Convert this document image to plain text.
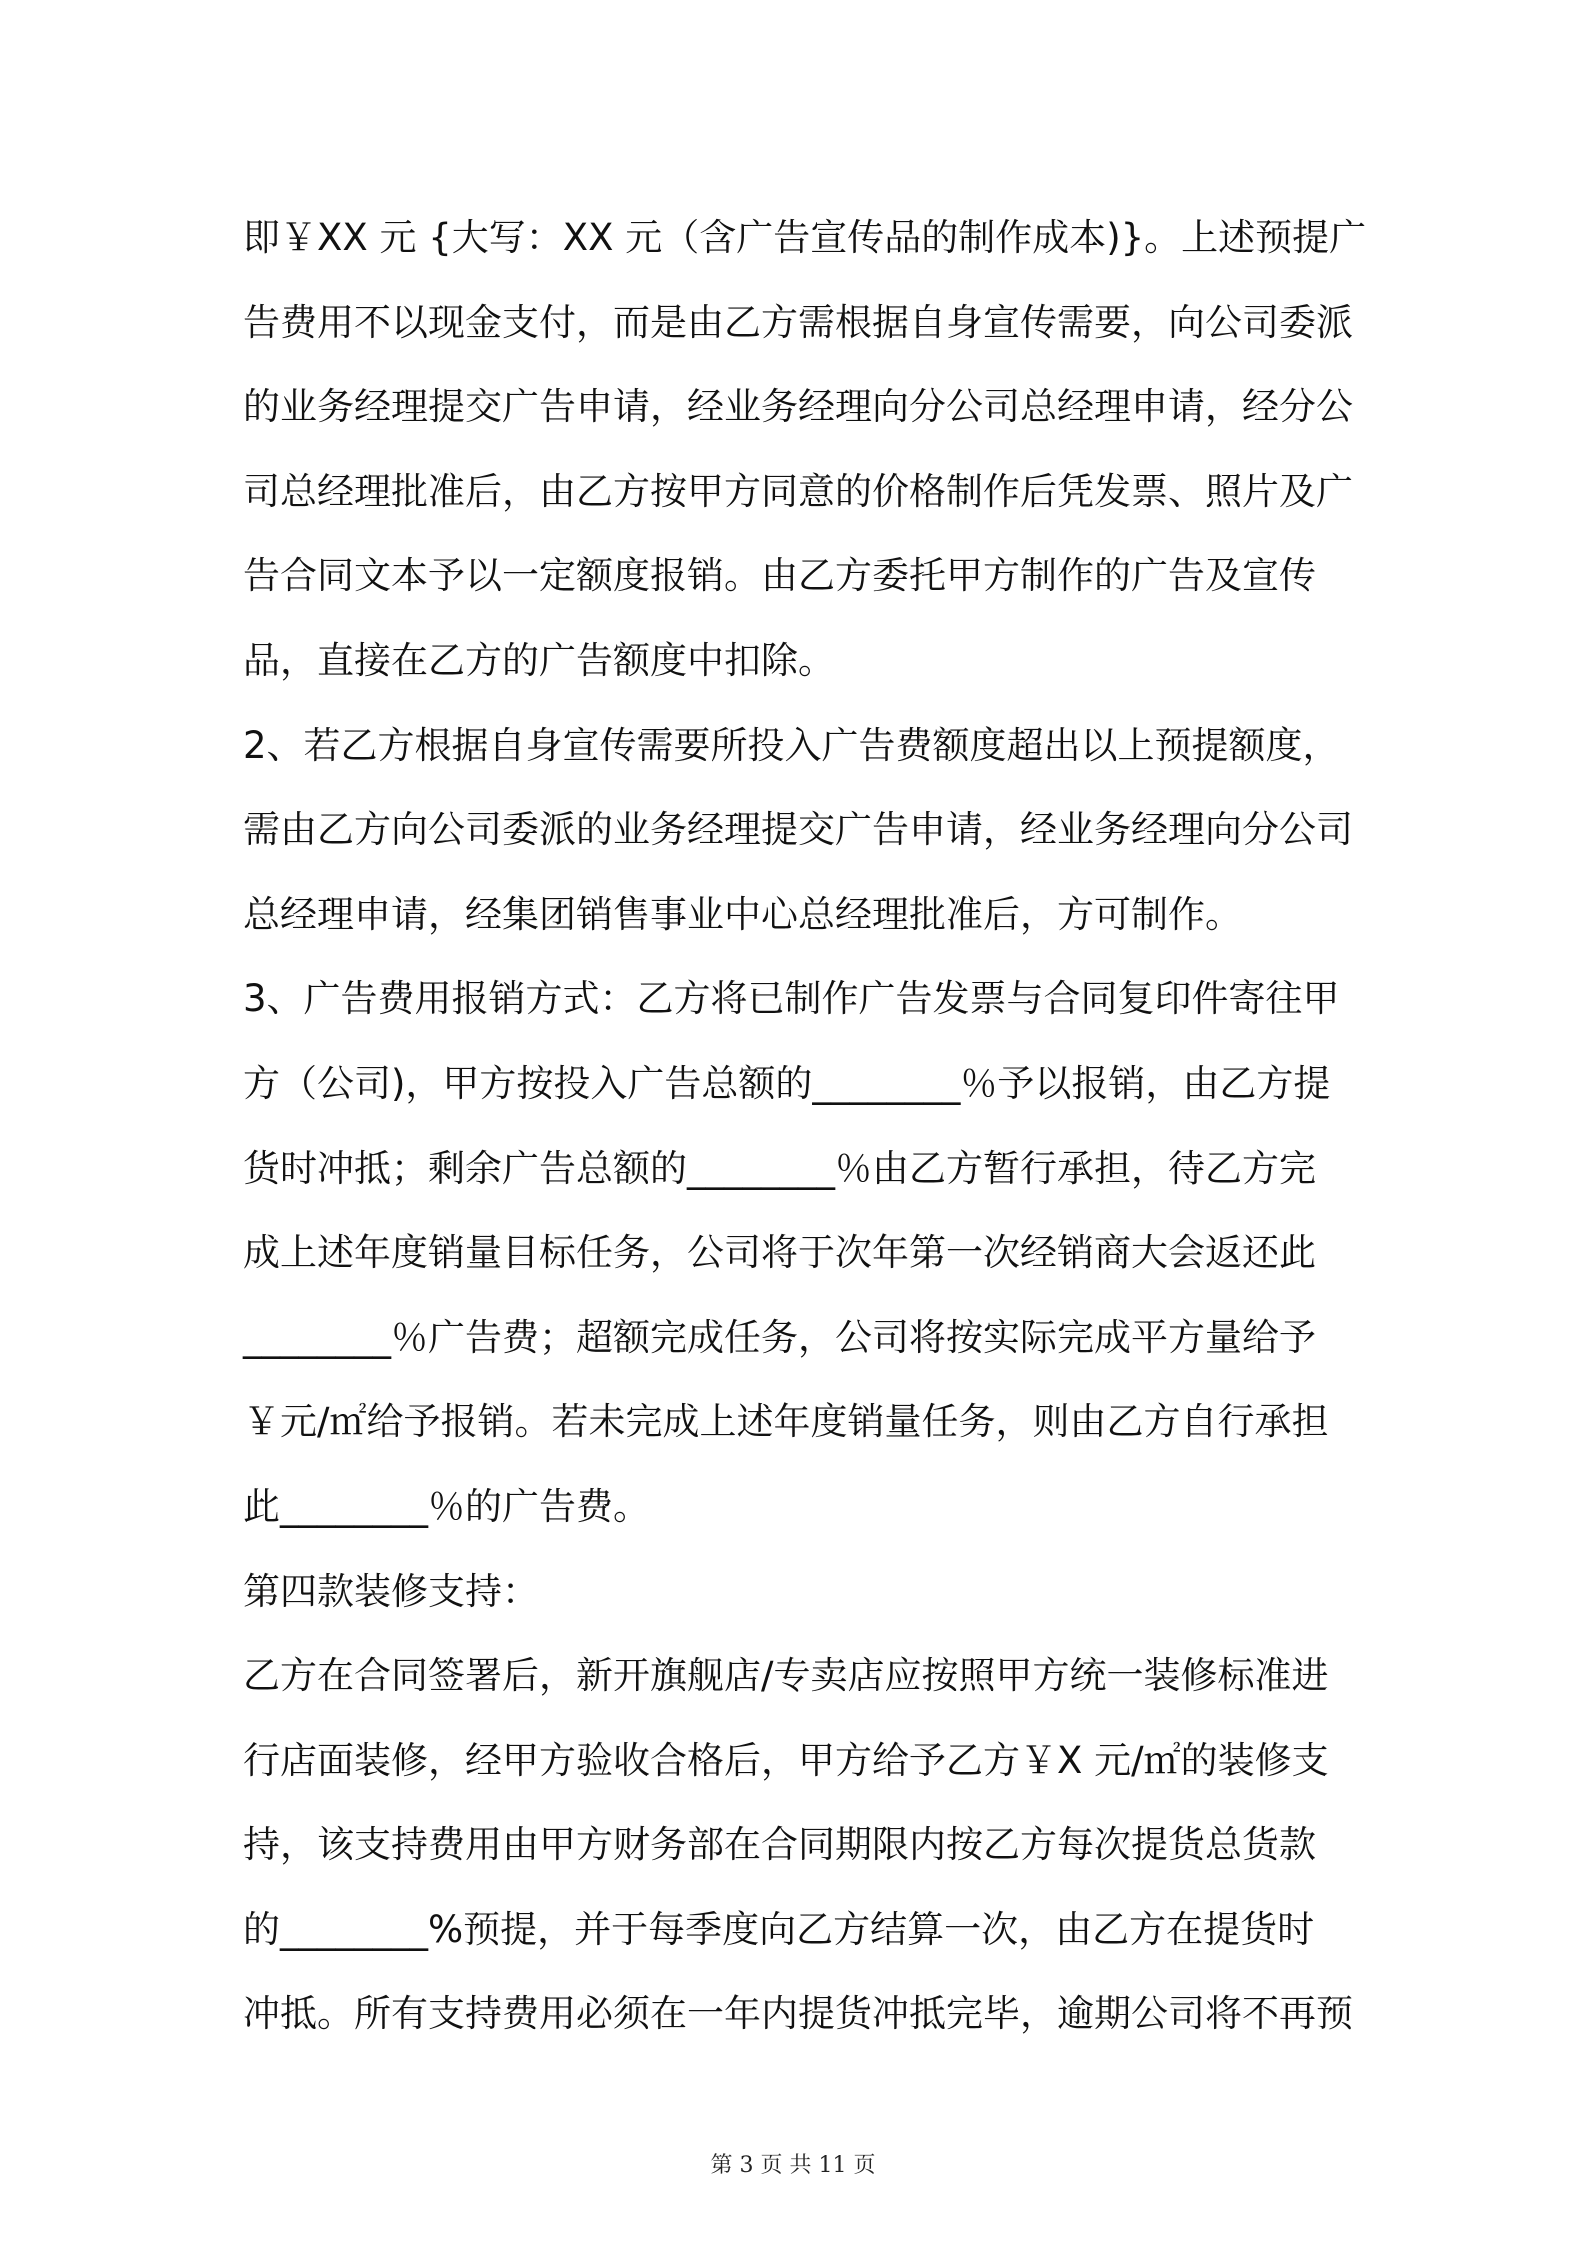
即￥XX 元 {大写：XX 元（含广告宣传品的制作成本)}。上述预提广
告费用不以现金支付，而是由乙方需根据自身宣传需要，向公司委派
的业务经理提交广告申请，经业务经理向分公司总经理申请，经分公
司总经理批准后，由乙方按甲方同意的价格制作后凭发票、照片及广
告合同文本予以一定额度报销。由乙方委托甲方制作的广告及宣传
品，直接在乙方的广告额度中扣除。
2、若乙方根据自身宣传需要所投入广告费额度超出以上预提额度，
需由乙方向公司委派的业务经理提交广告申请，经业务经理向分公司
总经理申请，经集团销售事业中心总经理批准后，方可制作。
3、广告费用报销方式：乙方将已制作广告发票与合同复印件寄往甲
方（公司)，甲方按投入广告总额的________％予以报销，由乙方提
货时冲抵；剩余广告总额的________％由乙方暂行承担，待乙方完
成上述年度销量目标任务，公司将于次年第一次经销商大会返还此
________％广告费；超额完成任务，公司将按实际完成平方量给予
￥元/㎡给予报销。若未完成上述年度销量任务，则由乙方自行承担
此________％的广告费。
第四款装修支持：
乙方在合同签署后，新开旗舰店/专卖店应按照甲方统一装修标准进
行店面装修，经甲方验收合格后，甲方给予乙方￥X 元/㎡的装修支
持，该支持费用由甲方财务部在合同期限内按乙方每次提货总货款
的________%预提，并于每季度向乙方结算一次，由乙方在提货时
冲抵。所有支持费用必须在一年内提货冲抵完毕，逾期公司将不再预
第 3 页 共 11 页
